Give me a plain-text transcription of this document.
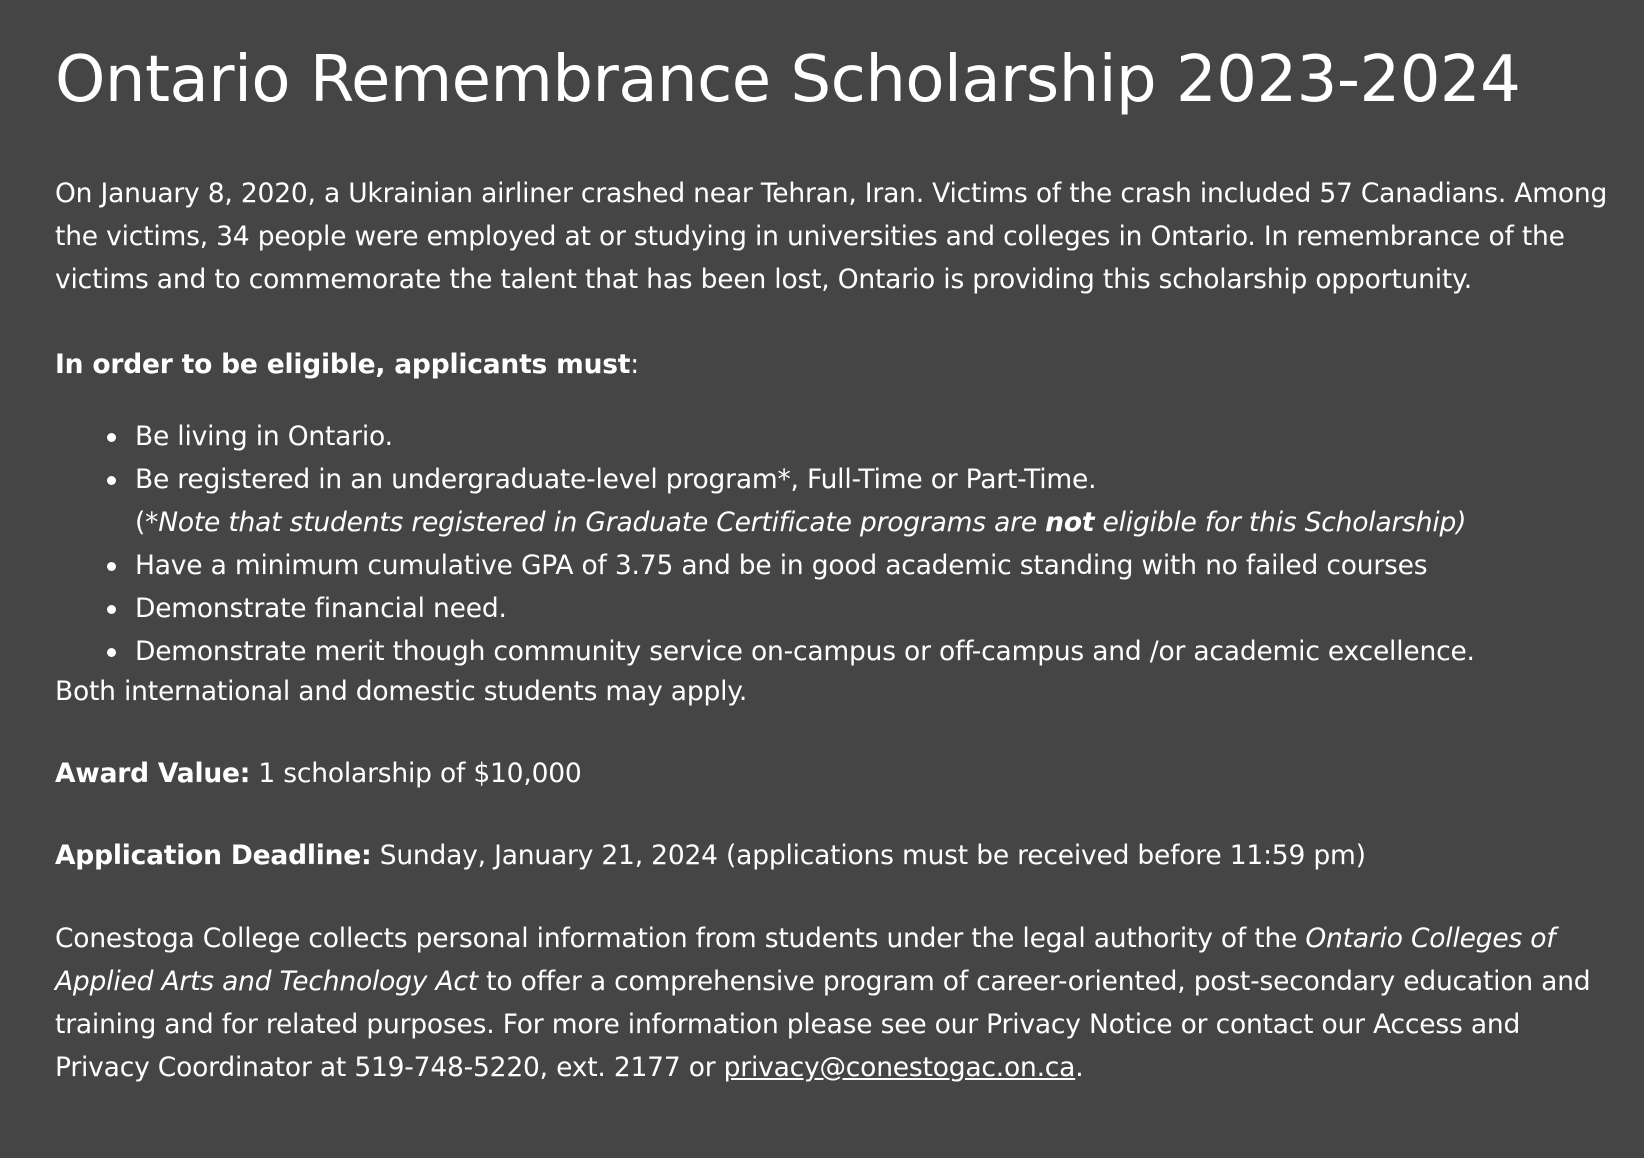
Ontario Remembrance Scholarship 2023-2024

On January 8, 2020, a Ukrainian airliner crashed near Tehran, Iran. Victims of the crash included 57 Canadians. Among the victims, 34 people were employed at or studying in universities and colleges in Ontario. In remembrance of the victims and to commemorate the talent that has been lost, Ontario is providing this scholarship opportunity.

In order to be eligible, applicants must:

Be living in Ontario.
Be registered in an undergraduate-level program*, Full-Time or Part-Time.
(*Note that students registered in Graduate Certificate programs are not eligible for this Scholarship)
Have a minimum cumulative GPA of 3.75 and be in good academic standing with no failed courses
Demonstrate financial need.
Demonstrate merit though community service on-campus or off-campus and /or academic excellence.

Both international and domestic students may apply.

Award Value: 1 scholarship of $10,000

Application Deadline: Sunday, January 21, 2024 (applications must be received before 11:59 pm)

Conestoga College collects personal information from students under the legal authority of the Ontario Colleges of Applied Arts and Technology Act to offer a comprehensive program of career-oriented, post-secondary education and training and for related purposes. For more information please see our Privacy Notice or contact our Access and Privacy Coordinator at 519-748-5220, ext. 2177 or privacy@conestogac.on.ca.
